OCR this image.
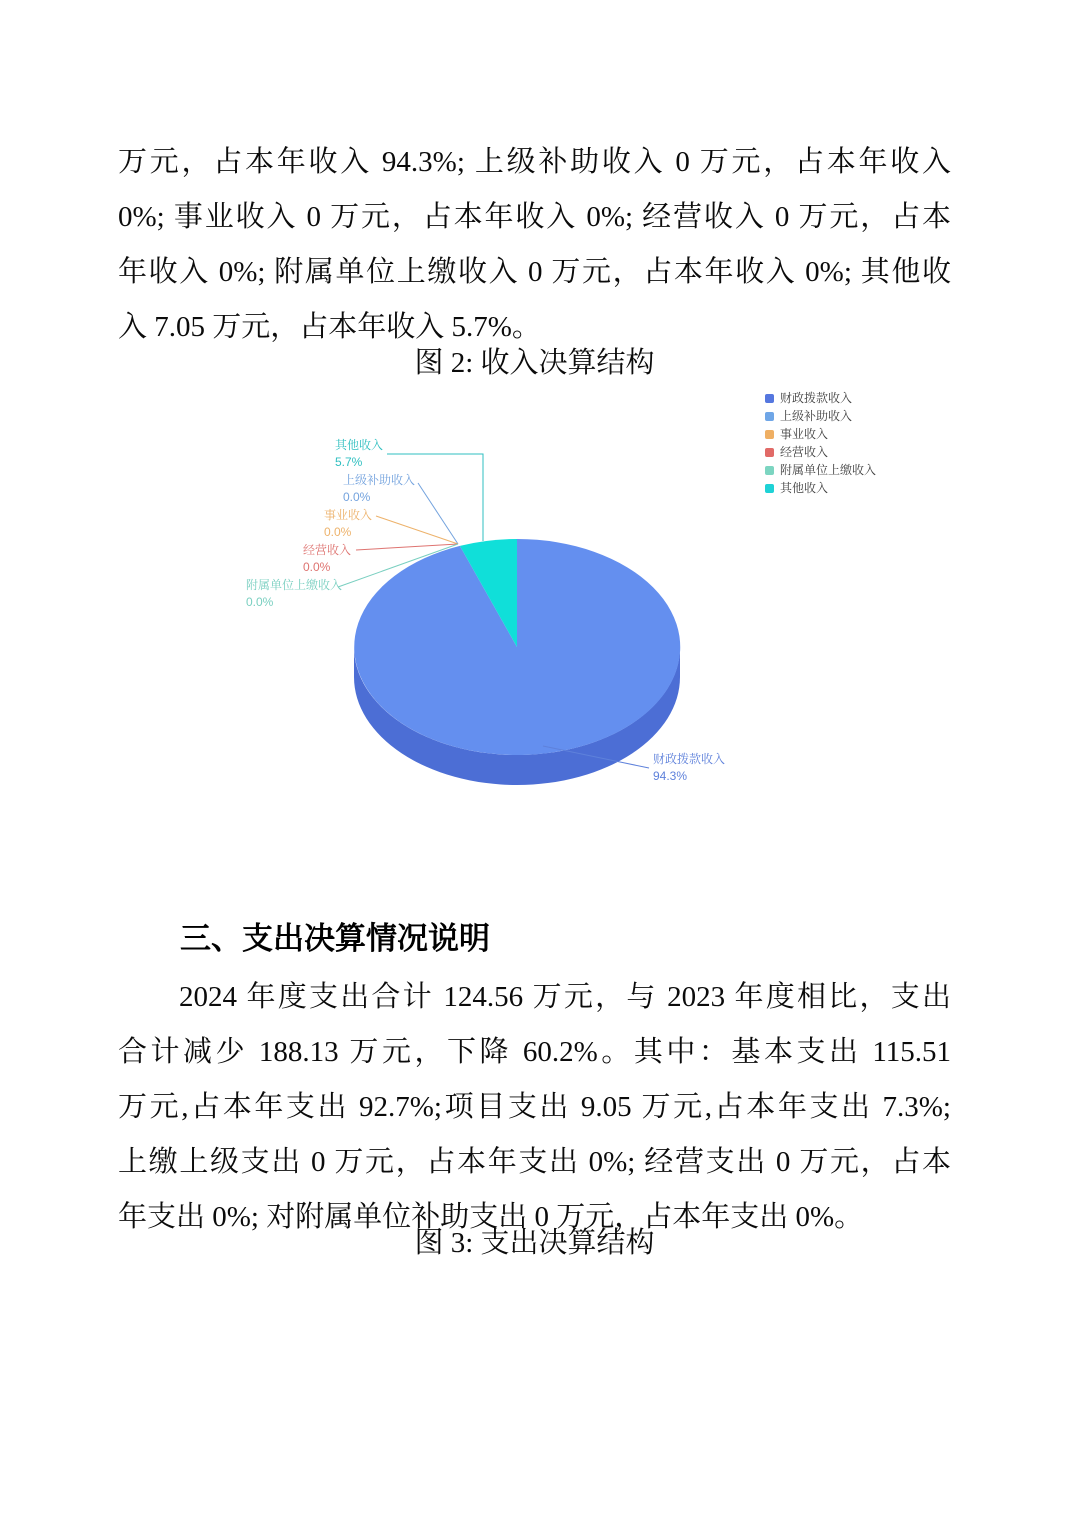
万元，占本年收入 94.3%; 上级补助收入 0 万元，占本年收入
0%; 事业收入 0 万元，占本年收入 0%; 经营收入 0 万元，占本
年收入 0%; 附属单位上缴收入 0 万元，占本年收入 0%; 其他收
入 7.05 万元，占本年收入 5.7%。
图 2: 收入决算结构
其他收入
5.7%
上级补助收入
0.0%
事业收入
0.0%
经营收入
0.0%
附属单位上缴收入
0.0%
财政拨款收入
94.3%
财政拨款收入
上级补助收入
事业收入
经营收入
附属单位上缴收入
其他收入
三、支出决算情况说明
2024 年度支出合计 124.56 万元，与 2023 年度相比，支出
合计减少 188.13 万元，下降 60.2%。其中：基本支出 115.51
万元,占本年支出 92.7%;项目支出 9.05 万元,占本年支出 7.3%;
上缴上级支出 0 万元，占本年支出 0%; 经营支出 0 万元，占本
年支出 0%; 对附属单位补助支出 0 万元，占本年支出 0%。
图 3: 支出决算结构
